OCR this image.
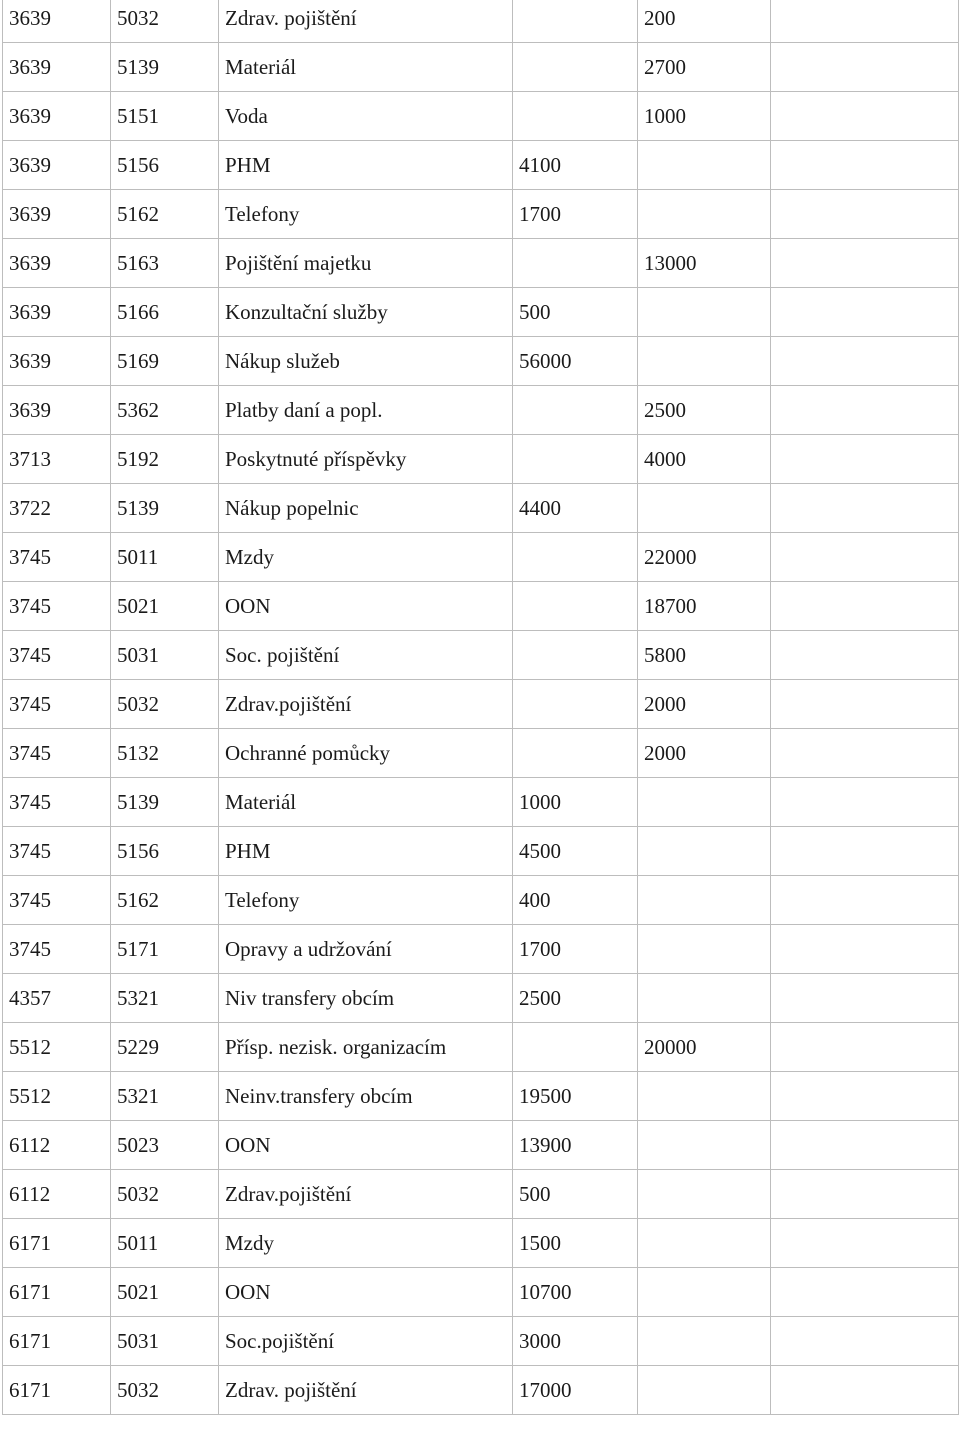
3639	5032	Zdrav. pojištění		200	
3639	5139	Materiál		2700	
3639	5151	Voda		1000	
3639	5156	PHM	4100		
3639	5162	Telefony	1700		
3639	5163	Pojištění majetku		13000	
3639	5166	Konzultační služby	500		
3639	5169	Nákup služeb	56000		
3639	5362	Platby daní a popl.		2500	
3713	5192	Poskytnuté příspěvky		4000	
3722	5139	Nákup popelnic	4400		
3745	5011	Mzdy		22000	
3745	5021	OON		18700	
3745	5031	Soc. pojištění		5800	
3745	5032	Zdrav.pojištění		2000	
3745	5132	Ochranné pomůcky		2000	
3745	5139	Materiál	1000		
3745	5156	PHM	4500		
3745	5162	Telefony	400		
3745	5171	Opravy a udržování	1700		
4357	5321	Niv transfery obcím	2500		
5512	5229	Přísp. nezisk. organizacím		20000	
5512	5321	Neinv.transfery obcím	19500		
6112	5023	OON	13900		
6112	5032	Zdrav.pojištění	500		
6171	5011	Mzdy	1500		
6171	5021	OON	10700		
6171	5031	Soc.pojištění	3000		
6171	5032	Zdrav. pojištění	17000		
